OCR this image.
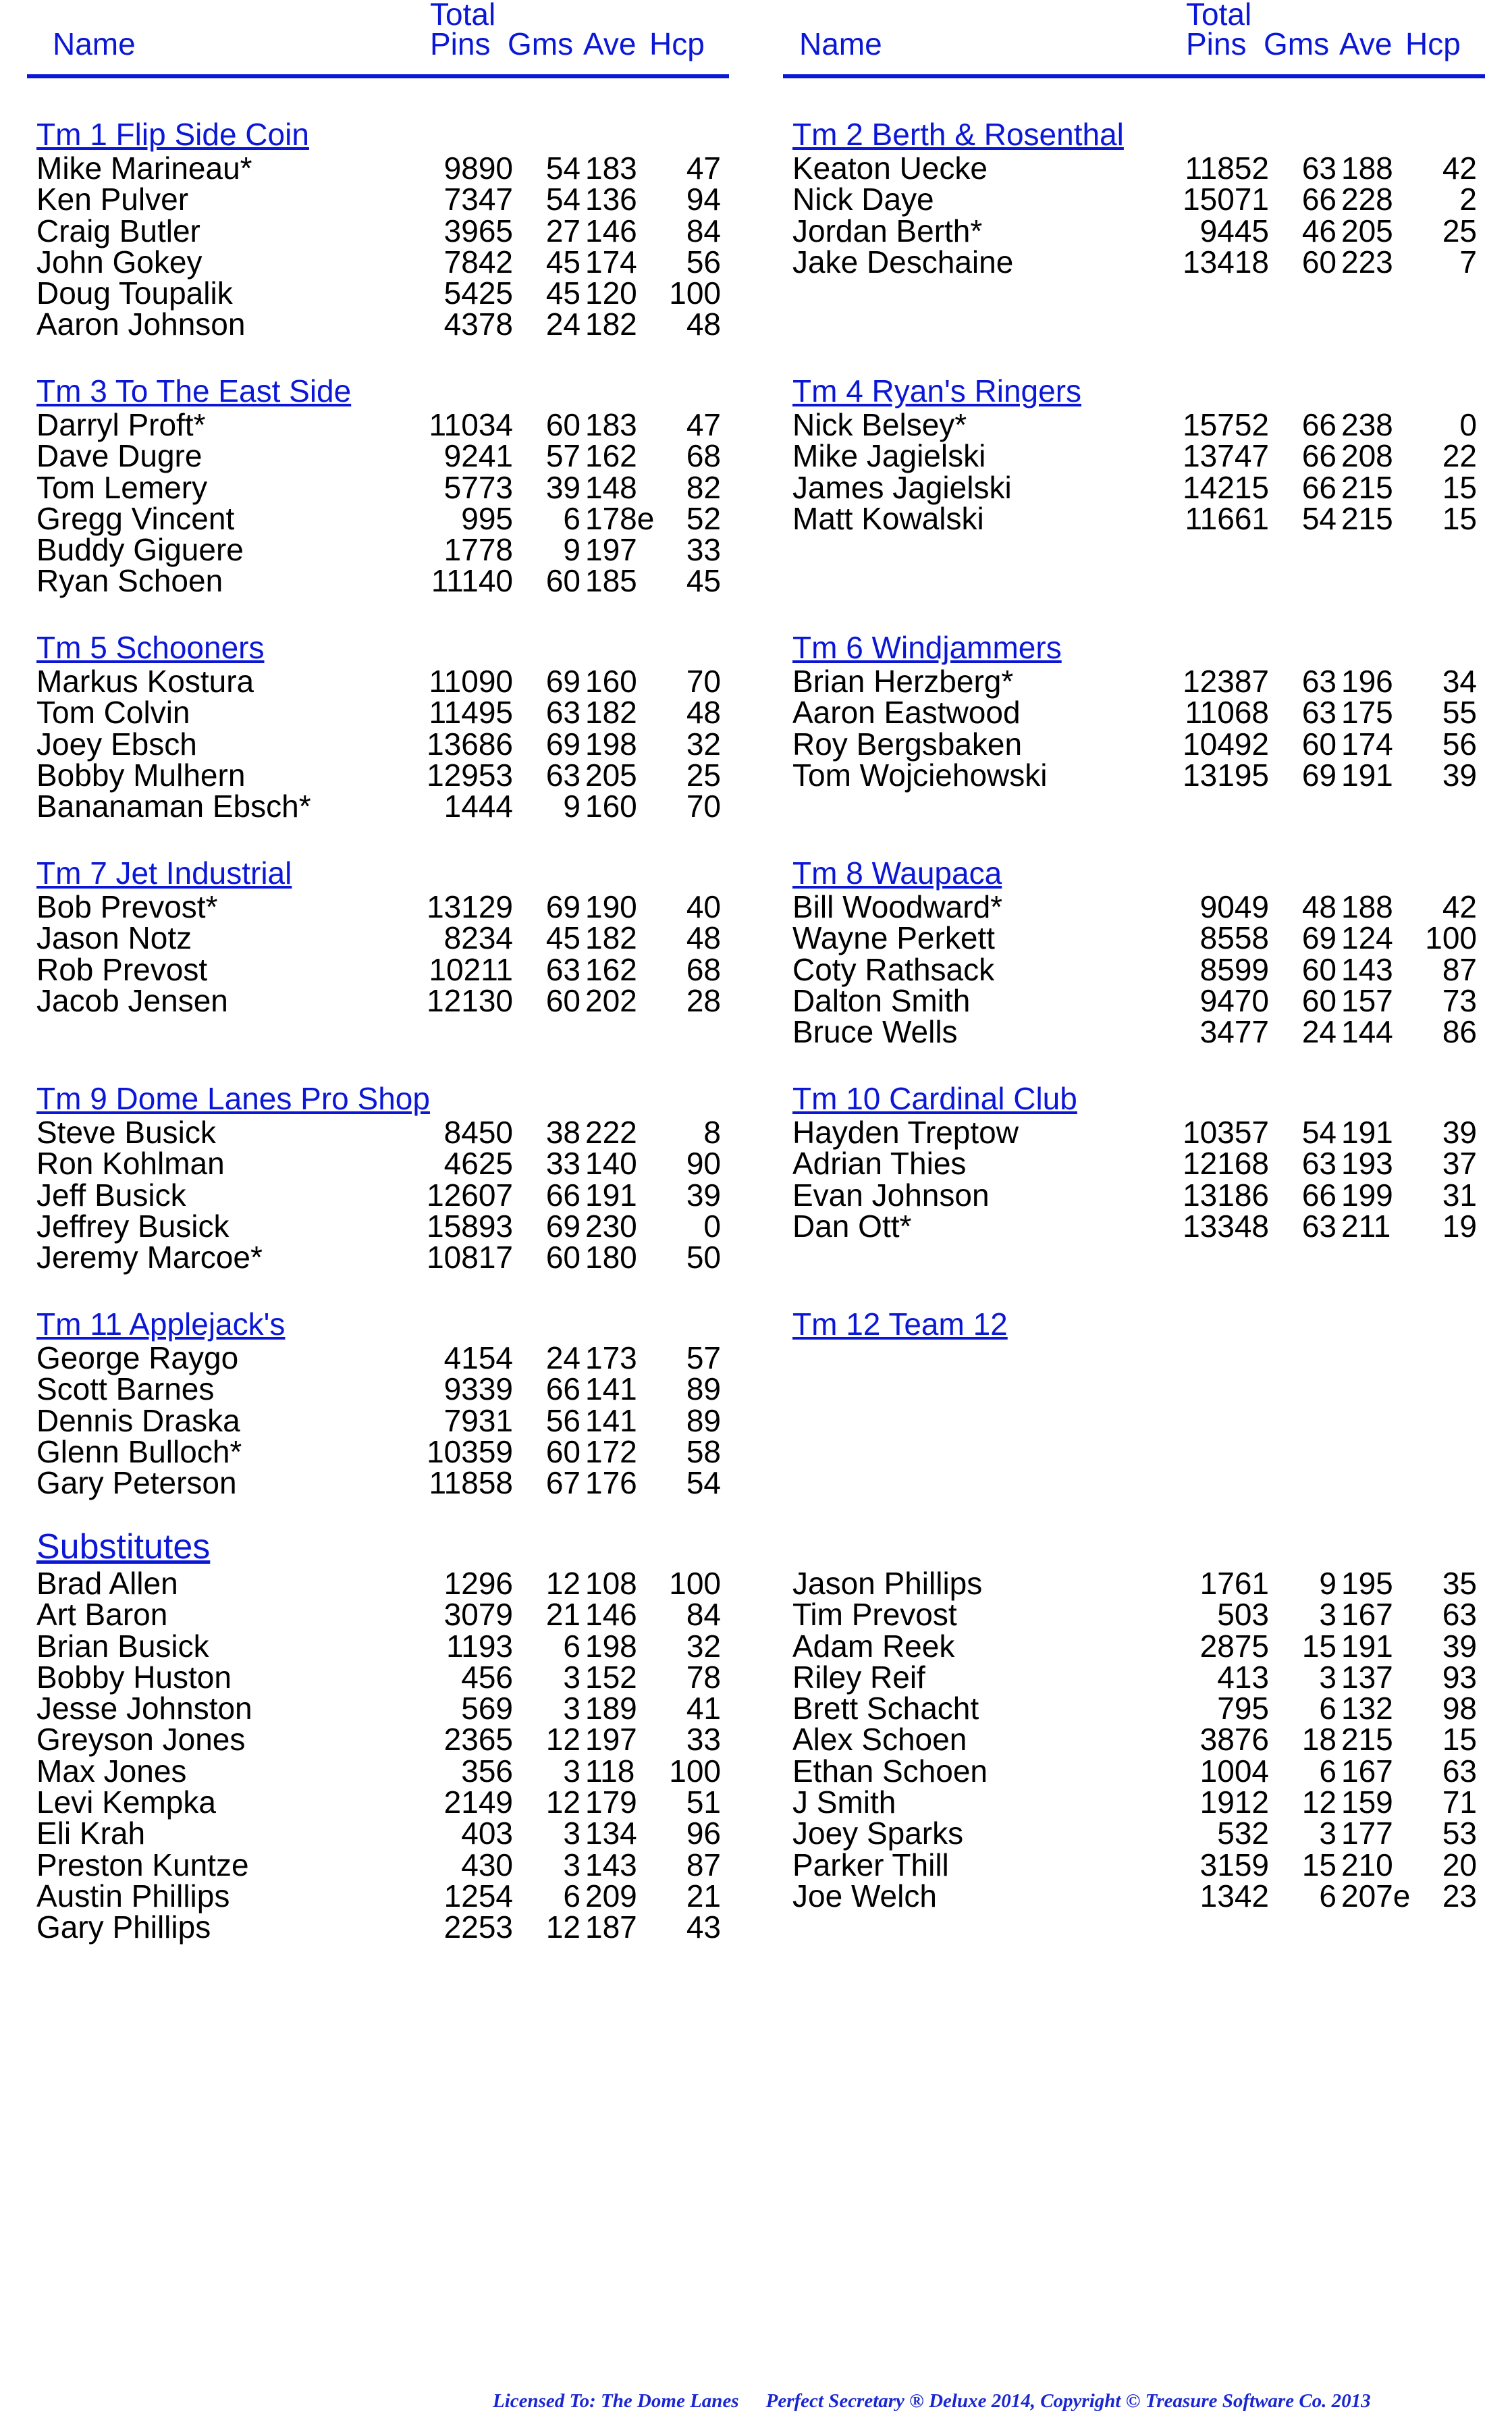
Name
Total
Pins Gms Ave Hcp
Tm 1 Flip Side Coin
Mike Marineau*	9890 54 183 47
Ken Pulver	7347 54 136 94
Craig Butler	3965 27 146 84
John Gokey	7842 45 174 56
Doug Toupalik	5425 45 120 100
Aaron Johnson	4378 24 182 48
Tm 3 To The East Side
Darryl Proft*	11034 60 183 47
Dave Dugre	9241 57 162 68
Tom Lemery	5773 39 148 82
Gregg Vincent	995 6 178e 52
Buddy Giguere	1778 9 197 33
Ryan Schoen	11140 60 185 45
Tm 5 Schooners
Markus Kostura	11090 69 160 70
Tom Colvin	11495 63 182 48
Joey Ebsch	13686 69 198 32
Bobby Mulhern	12953 63 205 25
Bananaman Ebsch*	1444 9 160 70
Tm 7 Jet Industrial
Bob Prevost*	13129 69 190 40
Jason Notz	8234 45 182 48
Rob Prevost	10211 63 162 68
Jacob Jensen	12130 60 202 28
Tm 9 Dome Lanes Pro Shop
Steve Busick	8450 38 222 8
Ron Kohlman	4625 33 140 90
Jeff Busick	12607 66 191 39
Jeffrey Busick	15893 69 230 0
Jeremy Marcoe*	10817 60 180 50
Tm 11 Applejack's
George Raygo	4154 24 173 57
Scott Barnes	9339 66 141 89
Dennis Draska	7931 56 141 89
Glenn Bulloch*	10359 60 172 58
Gary Peterson	11858 67 176 54
Substitutes
Brad Allen	1296 12 108 100
Art Baron	3079 21 146 84
Brian Busick	1193 6 198 32
Bobby Huston	456 3 152 78
Jesse Johnston	569 3 189 41
Greyson Jones	2365 12 197 33
Max Jones	356 3 118 100
Levi Kempka	2149 12 179 51
Eli Krah	403 3 134 96
Preston Kuntze	430 3 143 87
Austin Phillips	1254 6 209 21
Gary Phillips	2253 12 187 43
Name
Total
Pins Gms Ave Hcp
Tm 2 Berth & Rosenthal
Keaton Uecke	11852 63 188 42
Nick Daye	15071 66 228 2
Jordan Berth*	9445 46 205 25
Jake Deschaine	13418 60 223 7
Tm 4 Ryan's Ringers
Nick Belsey*	15752 66 238 0
Mike Jagielski	13747 66 208 22
James Jagielski	14215 66 215 15
Matt Kowalski	11661 54 215 15
Tm 6 Windjammers
Brian Herzberg*	12387 63 196 34
Aaron Eastwood	11068 63 175 55
Roy Bergsbaken	10492 60 174 56
Tom Wojciehowski	13195 69 191 39
Tm 8 Waupaca
Bill Woodward*	9049 48 188 42
Wayne Perkett	8558 69 124 100
Coty Rathsack	8599 60 143 87
Dalton Smith	9470 60 157 73
Bruce Wells	3477 24 144 86
Tm 10 Cardinal Club
Hayden Treptow	10357 54 191 39
Adrian Thies	12168 63 193 37
Evan Johnson	13186 66 199 31
Dan Ott*	13348 63 211 19
Tm 12 Team 12
Jason Phillips	1761 9 195 35
Tim Prevost	503 3 167 63
Adam Reek	2875 15 191 39
Riley Reif	413 3 137 93
Brett Schacht	795 6 132 98
Alex Schoen	3876 18 215 15
Ethan Schoen	1004 6 167 63
J Smith	1912 12 159 71
Joey Sparks	532 3 177 53
Parker Thill	3159 15 210 20
Joe Welch	1342 6 207e 23
Licensed To: The Dome Lanes Perfect Secretary ® Deluxe 2014, Copyright © Treasure Software Co. 2013
